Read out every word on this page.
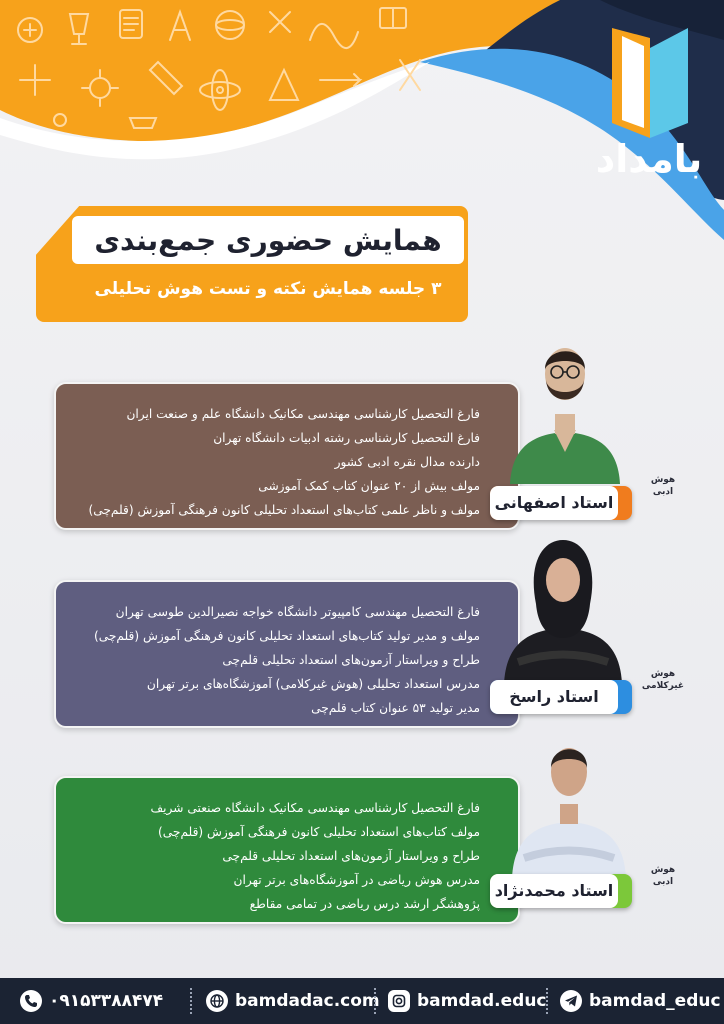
بامداد
همایش حضوری جمع‌بندی
۳ جلسه همایش نکته و تست هوش تحلیلی
فارغ التحصیل کارشناسی مهندسی مکانیک دانشگاه علم و صنعت ایران
فارغ التحصیل کارشناسی رشته ادبیات دانشگاه تهران
دارنده مدال نقره ادبی کشور
مولف بیش از ۲۰ عنوان کتاب کمک آموزشی
مولف و ناظر علمی کتاب‌های استعداد تحلیلی کانون فرهنگی آموزش (قلم‌چی) استاد اصفهانی
هوش
ادبی
فارغ التحصیل مهندسی کامپیوتر دانشگاه خواجه نصیرالدین طوسی تهران
مولف و مدیر تولید کتاب‌های استعداد تحلیلی کانون فرهنگی آموزش (قلم‌چی)
طراح و ویراستار آزمون‌های استعداد تحلیلی قلم‌چی
مدرس استعداد تحلیلی (هوش غیرکلامی) آموزشگاه‌های برتر تهران
مدیر تولید ۵۳ عنوان کتاب قلم‌چی
استاد راسخ
هوش
غیرکلامی
فارغ التحصیل کارشناسی مهندسی مکانیک دانشگاه صنعتی شریف
مولف کتاب‌های استعداد تحلیلی کانون فرهنگی آموزش (قلم‌چی)
طراح و ویراستار آزمون‌های استعداد تحلیلی قلم‌چی
مدرس هوش ریاضی در آموزشگاه‌های برتر تهران
پژوهشگر ارشد درس ریاضی در تمامی مقاطع
استاد محمدنژاد
هوش
ادبی
۰۹۱۵۳۳۸۸۴۷۴	bamdadac.com bamdad.educ bamdad_educ
